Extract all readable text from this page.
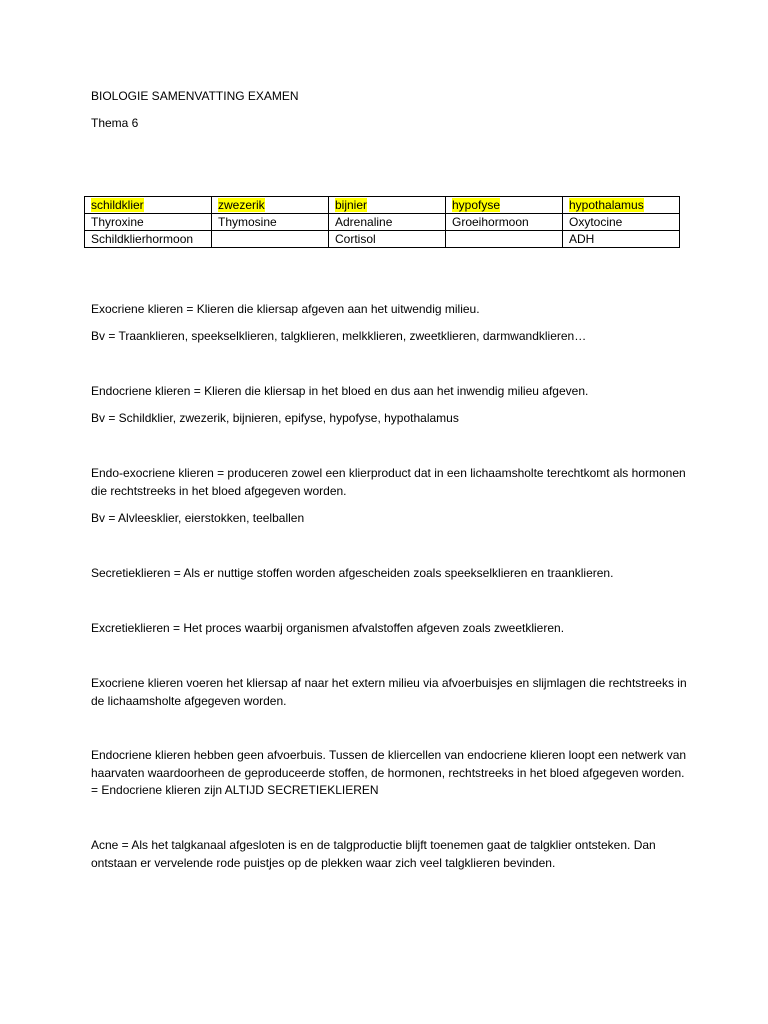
BIOLOGIE SAMENVATTING EXAMEN

Thema 6

schildklier	zwezerik	bijnier	hypofyse	hypothalamus
Thyroxine	Thymosine	Adrenaline	Groeihormoon	Oxytocine
Schildklierhormoon		Cortisol		ADH

Exocriene klieren = Klieren die kliersap afgeven aan het uitwendig milieu.

Bv = Traanklieren, speekselklieren, talgklieren, melkklieren, zweetklieren, darmwandklieren…

Endocriene klieren = Klieren die kliersap in het bloed en dus aan het inwendig milieu afgeven.

Bv = Schildklier, zwezerik, bijnieren, epifyse, hypofyse, hypothalamus

Endo-exocriene klieren = produceren zowel een klierproduct dat in een lichaamsholte terechtkomt als hormonen die rechtstreeks in het bloed afgegeven worden.

Bv = Alvleesklier, eierstokken, teelballen

Secretieklieren = Als er nuttige stoffen worden afgescheiden zoals speekselklieren en traanklieren.

Excretieklieren = Het proces waarbij organismen afvalstoffen afgeven zoals zweetklieren.

Exocriene klieren voeren het kliersap af naar het extern milieu via afvoerbuisjes en slijmlagen die rechtstreeks in de lichaamsholte afgegeven worden.

Endocriene klieren hebben geen afvoerbuis. Tussen de kliercellen van endocriene klieren loopt een netwerk van haarvaten waardoorheen de geproduceerde stoffen, de hormonen, rechtstreeks in het bloed afgegeven worden. = Endocriene klieren zijn ALTIJD SECRETIEKLIEREN

Acne = Als het talgkanaal afgesloten is en de talgproductie blijft toenemen gaat de talgklier ontsteken. Dan ontstaan er vervelende rode puistjes op de plekken waar zich veel talgklieren bevinden.
